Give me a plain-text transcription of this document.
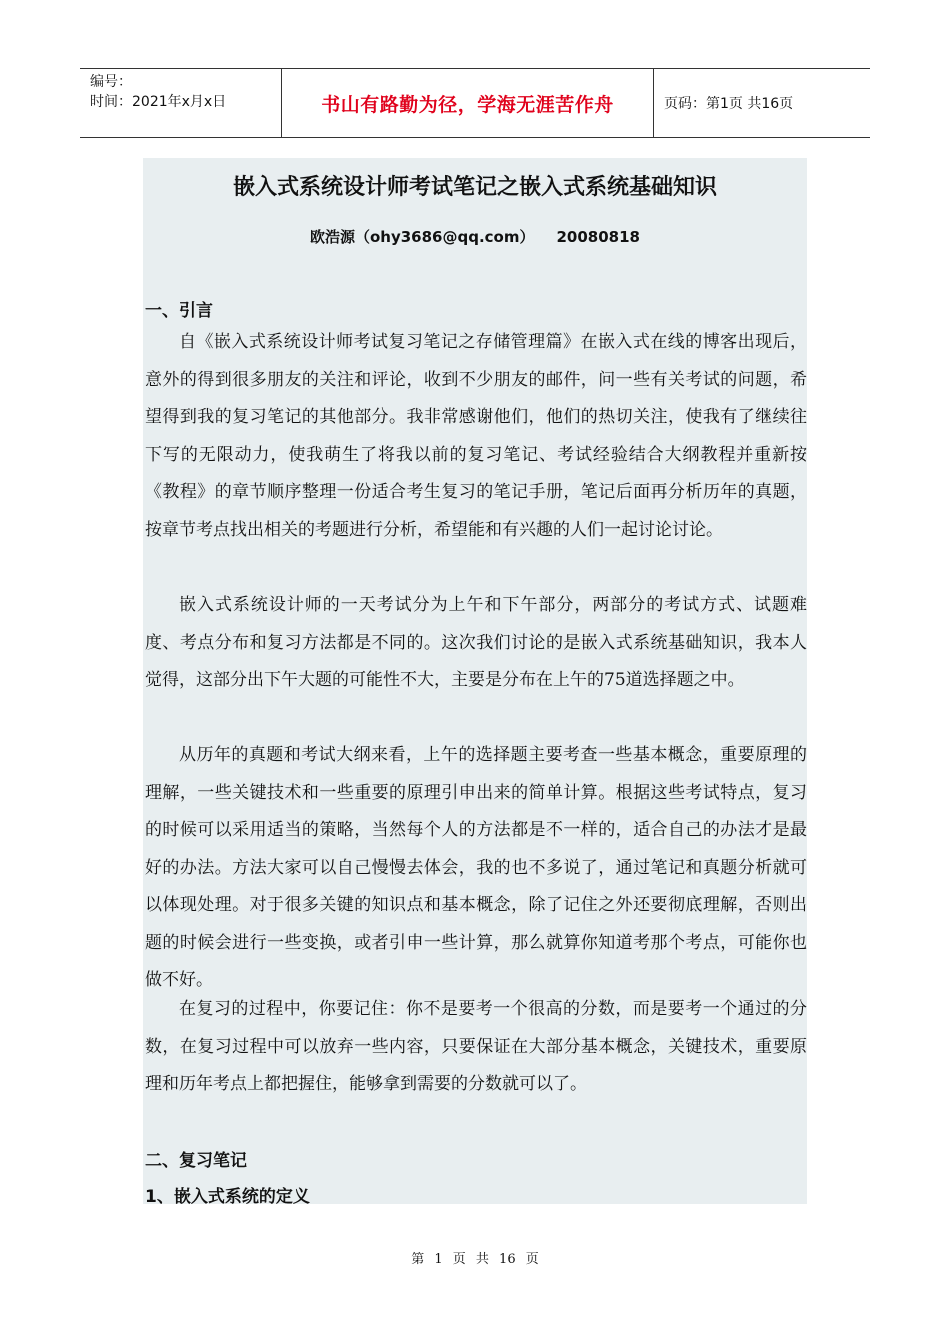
编号：
时间：2021年x月x日	书山有路勤为径，学海无涯苦作舟	页码：第1页 共16页
嵌入式系统设计师考试笔记之嵌入式系统基础知识
欧浩源（ohy3686@qq.com） 20080818
一、引言

自《嵌入式系统设计师考试复习笔记之存储管理篇》在嵌入式在线的博客出现后，意外的得到很多朋友的关注和评论，收到不少朋友的邮件，问一些有关考试的问题，希望得到我的复习笔记的其他部分。我非常感谢他们，他们的热切关注，使我有了继续往下写的无限动力，使我萌生了将我以前的复习笔记、考试经验结合大纲教程并重新按《教程》的章节顺序整理一份适合考生复习的笔记手册，笔记后面再分析历年的真题，按章节考点找出相关的考题进行分析，希望能和有兴趣的人们一起讨论讨论。

嵌入式系统设计师的一天考试分为上午和下午部分，两部分的考试方式、试题难度、考点分布和复习方法都是不同的。这次我们讨论的是嵌入式系统基础知识，我本人觉得，这部分出下午大题的可能性不大，主要是分布在上午的75道选择题之中。

从历年的真题和考试大纲来看，上午的选择题主要考查一些基本概念，重要原理的理解，一些关键技术和一些重要的原理引申出来的简单计算。根据这些考试特点，复习的时候可以采用适当的策略，当然每个人的方法都是不一样的，适合自己的办法才是最好的办法。方法大家可以自己慢慢去体会，我的也不多说了，通过笔记和真题分析就可以体现处理。对于很多关键的知识点和基本概念，除了记住之外还要彻底理解，否则出题的时候会进行一些变换，或者引申一些计算，那么就算你知道考那个考点，可能你也做不好。

在复习的过程中，你要记住：你不是要考一个很高的分数，而是要考一个通过的分数，在复习过程中可以放弃一些内容，只要保证在大部分基本概念，关键技术，重要原理和历年考点上都把握住，能够拿到需要的分数就可以了。

二、复习笔记
1、嵌入式系统的定义
第 1 页 共 16 页
